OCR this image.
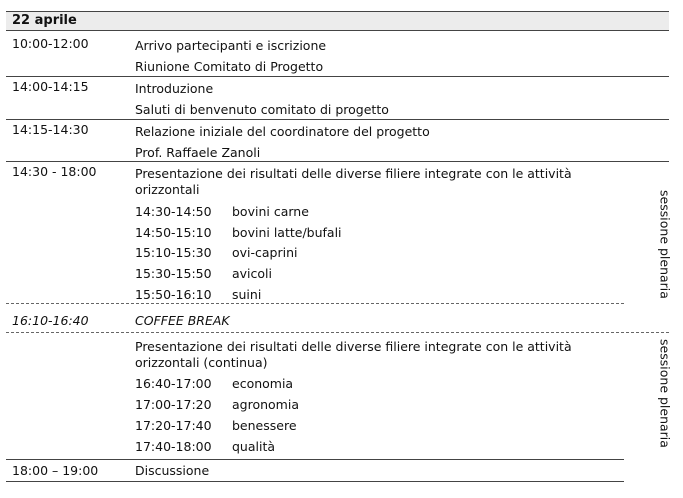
22 aprile
10:00-12:00	Arrivo partecipanti e iscrizione
Riunione Comitato di Progetto
14:00-14:15	Introduzione
Saluti di benvenuto comitato di progetto
14:15-14:30	Relazione iniziale del coordinatore del progetto
Prof. Raffaele Zanoli
14:30 - 18:00	Presentazione dei risultati delle diverse filiere integrate con le attività
orizzontali
14:30-14:50 bovini carne
14:50-15:10 bovini latte/bufali
15:10-15:30 ovi-caprini
15:30-15:50 avicoli
15:50-16:10 suini	sessione plenaria
16:10-16:40	COFFEE BREAK
Presentazione dei risultati delle diverse filiere integrate con le attività
orizzontali (continua)
16:40-17:00 economia
17:00-17:20 agronomia
17:20-17:40 benessere
17:40-18:00 qualità	sessione plenaria
18:00 – 19:00	Discussione
